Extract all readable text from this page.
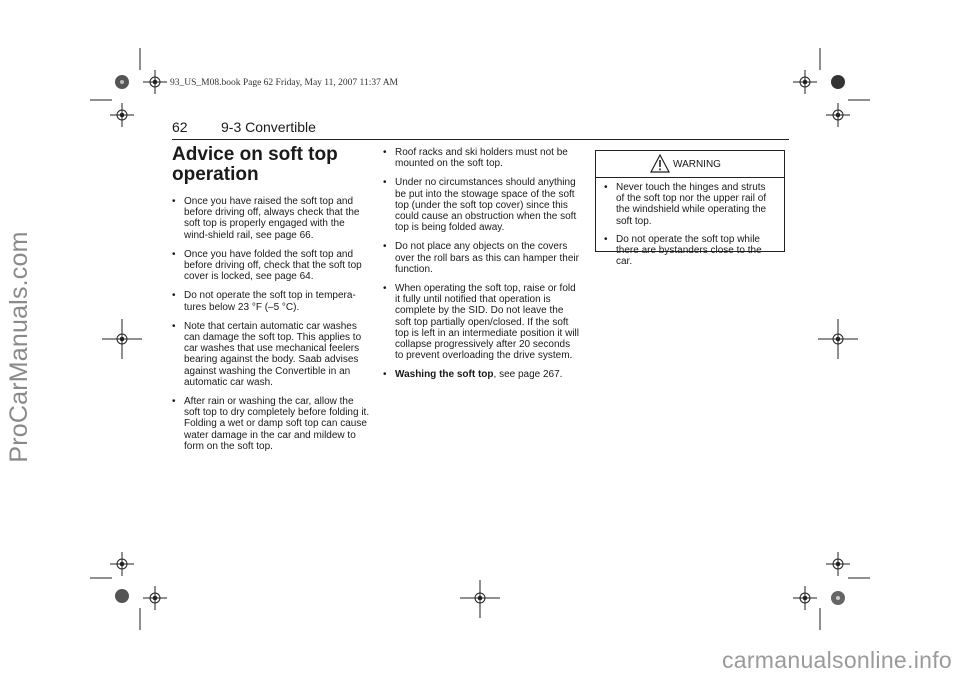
ProCarManuals.com
carmanualsonline.info
93_US_M08.book Page 62 Friday, May 11, 2007 11:37 AM
62 9-3 Convertible
Advice on soft top operation
• Once you have raised the soft top and before driving off, always check that the soft top is properly engaged with the wind-shield rail, see page 66.
• Once you have folded the soft top and before driving off, check that the soft top cover is locked, see page 64.
• Do not operate the soft top in tempera-tures below 23 °F (–5 °C).
• Note that certain automatic car washes can damage the soft top. This applies to car washes that use mechanical feelers bearing against the body. Saab advises against washing the Convertible in an automatic car wash.
• After rain or washing the car, allow the soft top to dry completely before folding it. Folding a wet or damp soft top can cause water damage in the car and mildew to form on the soft top.
• Roof racks and ski holders must not be mounted on the soft top.
• Under no circumstances should anything be put into the stowage space of the soft top (under the soft top cover) since this could cause an obstruction when the soft top is being folded away.
• Do not place any objects on the covers over the roll bars as this can hamper their function.
• When operating the soft top, raise or fold it fully until notified that operation is complete by the SID. Do not leave the soft top partially open/closed. If the soft top is left in an intermediate position it will collapse progressively after 20 seconds to prevent overloading the drive system.
• Washing the soft top, see page 267.
WARNING
• Never touch the hinges and struts of the soft top nor the upper rail of the windshield while operating the soft top.
• Do not operate the soft top while there are bystanders close to the car.
